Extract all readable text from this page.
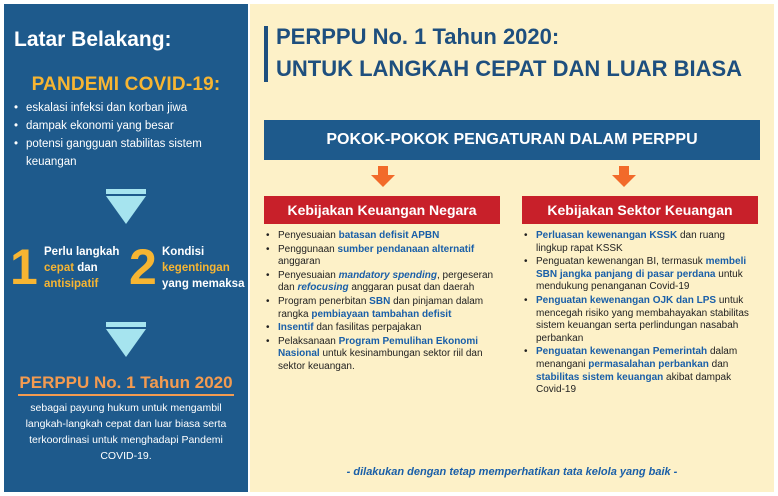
Latar Belakang:
PANDEMI COVID-19:
• eskalasi infeksi dan korban jiwa
• dampak ekonomi yang besar
• potensi gangguan stabilitas sistem keuangan
1 Perlu langkah
cepat dan
antisipatif 2 Kondisi
kegentingan
yang memaksa
PERPPU No. 1 Tahun 2020
sebagai payung hukum untuk mengambil langkah-langkah cepat dan luar biasa serta terkoordinasi untuk menghadapi Pandemi COVID-19.
PERPPU No. 1 Tahun 2020:
UNTUK LANGKAH CEPAT DAN LUAR BIASA
POKOK-POKOK PENGATURAN DALAM PERPPU
Kebijakan Keuangan Negara	Kebijakan Sektor Keuangan
• Penyesuaian batasan defisit APBN
• Penggunaan sumber pendanaan alternatif anggaran
• Penyesuaian mandatory spending, pergeseran dan refocusing anggaran pusat dan daerah
• Program penerbitan SBN dan pinjaman dalam rangka pembiayaan tambahan defisit
• Insentif dan fasilitas perpajakan
• Pelaksanaan Program Pemulihan Ekonomi Nasional untuk kesinambungan sektor riil dan sektor keuangan.
• Perluasan kewenangan KSSK dan ruang lingkup rapat KSSK
• Penguatan kewenangan BI, termasuk membeli SBN jangka panjang di pasar perdana untuk mendukung penanganan Covid-19
• Penguatan kewenangan OJK dan LPS untuk mencegah risiko yang membahayakan stabilitas sistem keuangan serta perlindungan nasabah perbankan
• Penguatan kewenangan Pemerintah dalam menangani permasalahan perbankan dan stabilitas sistem keuangan akibat dampak Covid-19
- dilakukan dengan tetap memperhatikan tata kelola yang baik -
